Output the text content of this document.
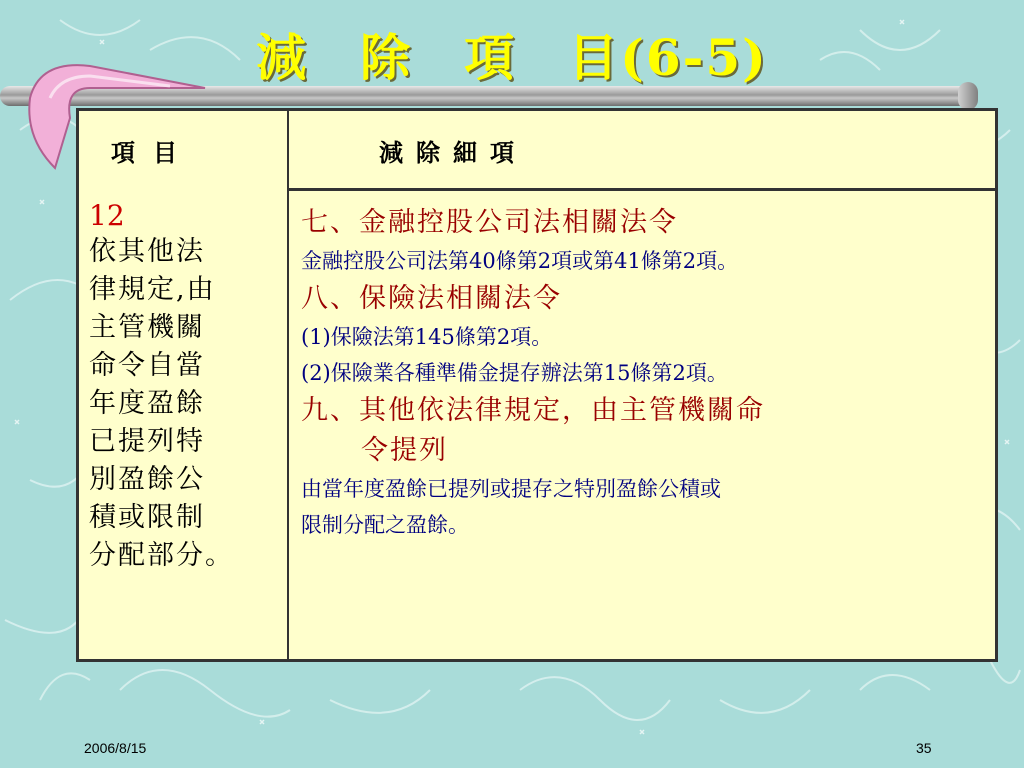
減　除　項　目(6-5)
項目	減除細項
12
依其他法
律規定,由
主管機關
命令自當
年度盈餘
已提列特
別盈餘公
積或限制
分配部分。
七、金融控股公司法相關法令
金融控股公司法第40條第2項或第41條第2項。
八、保險法相關法令
(1)保險法第145條第2項。
(2)保險業各種準備金提存辦法第15條第2項。
九、其他依法律規定，由主管機關命
令提列
由當年度盈餘已提列或提存之特別盈餘公積或
限制分配之盈餘。
2006/8/15	35
